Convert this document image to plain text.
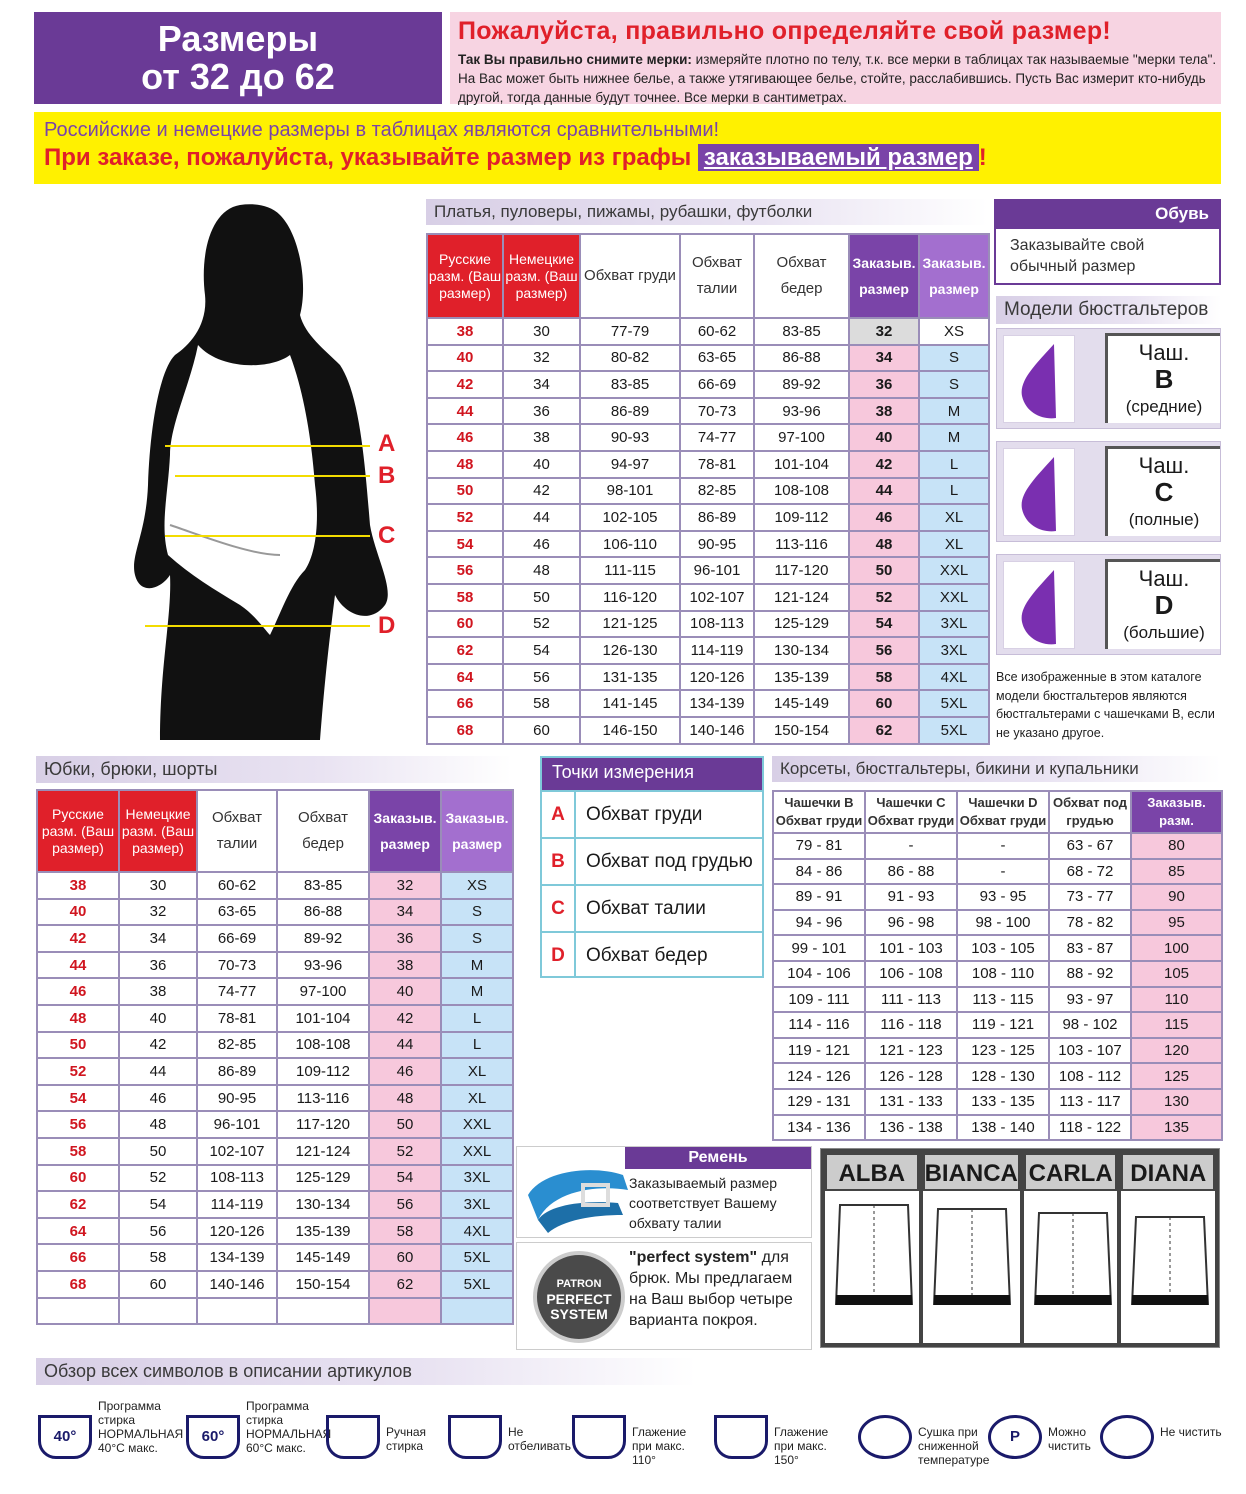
Размеры
от 32 до 62
Пожалуйста, правильно определяйте свой размер!
Так Вы правильно снимите мерки: измеряйте плотно по телу, т.к. все мерки в таблицах так называемые "мерки тела". На Вас может быть нижнее белье, а также утягивающее белье, стойте, расслабившись. Пусть Вас измерит кто-нибудь другой, тогда данные будут точнее. Все мерки в сантиметрах.
Российские и немецкие размеры в таблицах являются сравнительными!
При заказе, пожалуйста, указывайте размер из графы заказываемый размер !
A
B
C
D
Платья, пуловеры, пижамы, рубашки, футболки
Русские разм. (Ваш размер)	Немецкие разм. (Ваш размер)	Обхват груди	Обхват талии	Обхват бедер	Заказыв. размер	Заказыв. размер
38	30	77-79	60-62	83-85	32	XS
40	32	80-82	63-65	86-88	34	S
42	34	83-85	66-69	89-92	36	S
44	36	86-89	70-73	93-96	38	M
46	38	90-93	74-77	97-100	40	M
48	40	94-97	78-81	101-104	42	L
50	42	98-101	82-85	108-108	44	L
52	44	102-105	86-89	109-112	46	XL
54	46	106-110	90-95	113-116	48	XL
56	48	111-115	96-101	117-120	50	XXL
58	50	116-120	102-107	121-124	52	XXL
60	52	121-125	108-113	125-129	54	3XL
62	54	126-130	114-119	130-134	56	3XL
64	56	131-135	120-126	135-139	58	4XL
66	58	141-145	134-139	145-149	60	5XL
68	60	146-150	140-146	150-154	62	5XL
Обувь
Заказывайте свой обычный размер
Модели бюстгальтеров
Чаш.
B
(средние)
Чаш.
C
(полные)
Чаш.
D
(большие)
Все изображенные в этом каталоге модели бюстгальтеров являются бюстгальтерами с чашечками B, если не указано другое.
Юбки, брюки, шорты
Русские разм. (Ваш размер)	Немецкие разм. (Ваш размер)	Обхват талии	Обхват бедер	Заказыв. размер	Заказыв. размер
38	30	60-62	83-85	32	XS
40	32	63-65	86-88	34	S
42	34	66-69	89-92	36	S
44	36	70-73	93-96	38	M
46	38	74-77	97-100	40	M
48	40	78-81	101-104	42	L
50	42	82-85	108-108	44	L
52	44	86-89	109-112	46	XL
54	46	90-95	113-116	48	XL
56	48	96-101	117-120	50	XXL
58	50	102-107	121-124	52	XXL
60	52	108-113	125-129	54	3XL
62	54	114-119	130-134	56	3XL
64	56	120-126	135-139	58	4XL
66	58	134-139	145-149	60	5XL
68	60	140-146	150-154	62	5XL

Точки измерения
A	Обхват груди
B	Обхват под грудью
C	Обхват талии
D	Обхват бедер
Корсеты, бюстгальтеры, бикини и купальники
Чашечки B Обхват груди	Чашечки C Обхват груди	Чашечки D Обхват груди	Обхват под грудью	Заказыв. разм.
79 - 81	-	-	63 - 67	80
84 - 86	86 - 88	-	68 - 72	85
89 - 91	91 - 93	93 - 95	73 - 77	90
94 - 96	96 - 98	98 - 100	78 - 82	95
99 - 101	101 - 103	103 - 105	83 - 87	100
104 - 106	106 - 108	108 - 110	88 - 92	105
109 - 111	111 - 113	113 - 115	93 - 97	110
114 - 116	116 - 118	119 - 121	98 - 102	115
119 - 121	121 - 123	123 - 125	103 - 107	120
124 - 126	126 - 128	128 - 130	108 - 112	125
129 - 131	131 - 133	133 - 135	113 - 117	130
134 - 136	136 - 138	138 - 140	118 - 122	135
Ремень
Заказываемый размер соответствует Вашему обхвату талии
PATRON
PERFECT
SYSTEM
"perfect system" для брюк. Мы предлагаем на Ваш выбор четыре варианта покроя.
ALBA BIANCA CARLA DIANA
Обзор всех символов в описании артикулов
40°
Программа стирка НОРМАЛЬНАЯ 40°С макс.
60°
Программа стирка НОРМАЛЬНАЯ 60°С макс.
Ручная стирка
Не отбеливать
Глажение при макс. 110°
Глажение при макс. 150°
Сушка при сниженной температуре
P	Можно чистить
Не чистить
